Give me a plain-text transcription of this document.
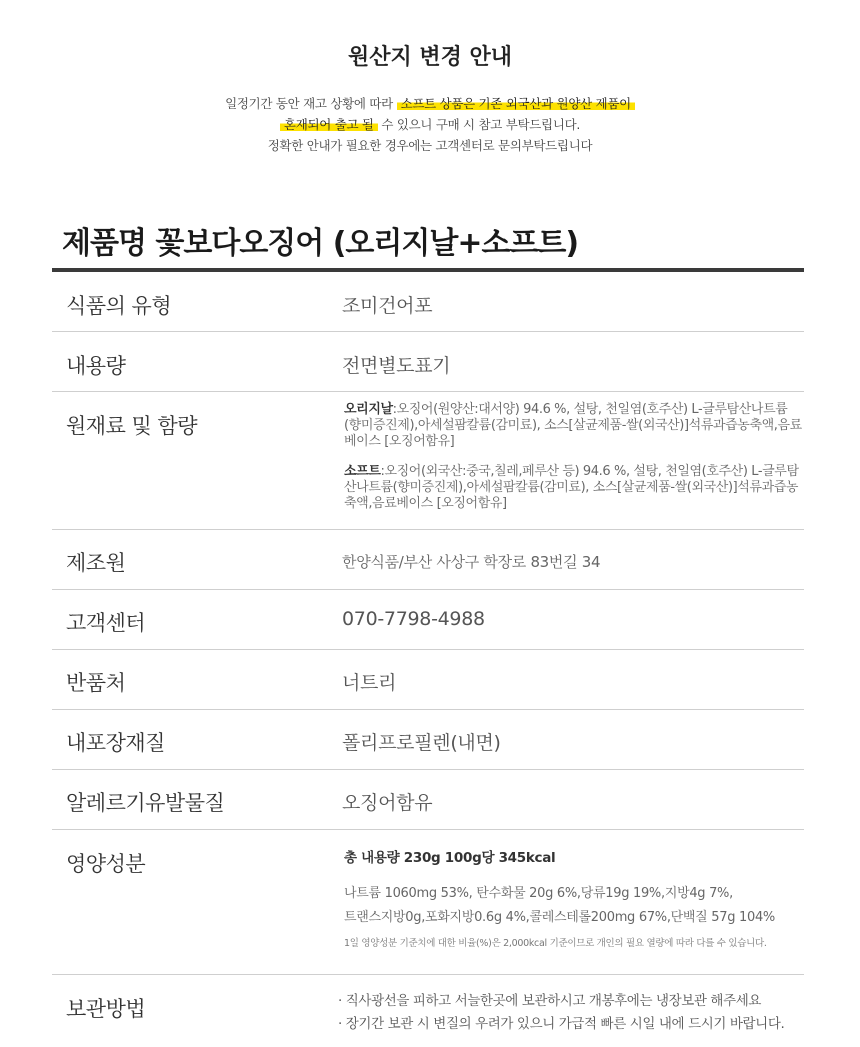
원산지 변경 안내
일정기간 동안 재고 상황에 따라 소프트 상품은 기존 외국산과 원양산 제품이
혼재되어 출고 될 수 있으니 구매 시 참고 부탁드립니다.
정확한 안내가 필요한 경우에는 고객센터로 문의부탁드립니다
제품명 꽃보다오징어 (오리지날+소프트)
식품의 유형	조미건어포
내용량	전면별도표기
원재료 및 함량
오리지날:오징어(원양산:대서양) 94.6 %, 설탕, 천일염(호주산) L-글루탐산나트륨(향미증진제),아세설팜칼륨(감미료), 소스[살균제품-쌀(외국산)]석류과즙농축액,음료베이스 [오징어함유]
소프트:오징어(외국산:중국,칠레,페루산 등) 94.6 %, 설탕, 천일염(호주산) L-글루탐산나트륨(향미증진제),아세설팜칼륨(감미료), 소스[살균제품-쌀(외국산)]석류과즙농축액,음료베이스 [오징어함유]
제조원	한양식품/부산 사상구 학장로 83번길 34
고객센터	070-7798-4988
반품처	너트리
내포장재질	폴리프로필렌(내면)
알레르기유발물질	오징어함유
영양성분	총 내용량 230g 100g당 345kcal
나트륨 1060mg 53%, 탄수화물 20g 6%,당류19g 19%,지방4g 7%,
트랜스지방0g,포화지방0.6g 4%,콜레스테롤200mg 67%,단백질 57g 104%
1일 영양성분 기준치에 대한 비율(%)은 2,000kcal 기준이므로 개인의 필요 열량에 따라 다를 수 있습니다.
보관방법	· 직사광선을 피하고 서늘한곳에 보관하시고 개봉후에는 냉장보관 해주세요
· 장기간 보관 시 변질의 우려가 있으니 가급적 빠른 시일 내에 드시기 바랍니다.
